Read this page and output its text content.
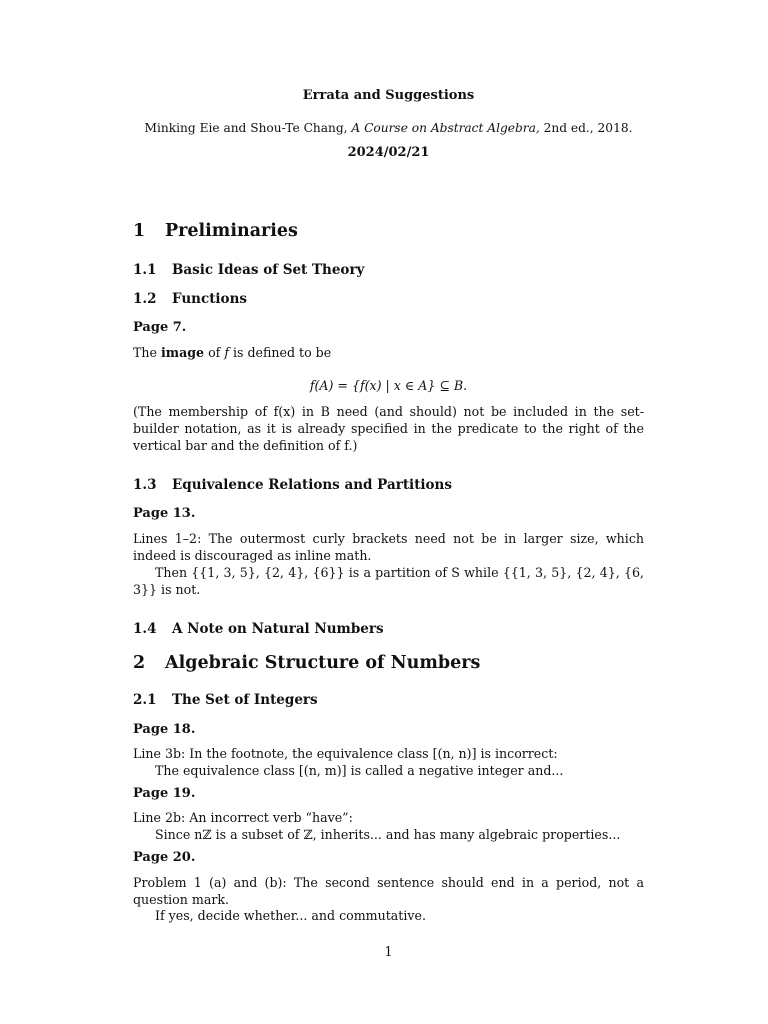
Errata and Suggestions
Minking Eie and Shou-Te Chang, A Course on Abstract Algebra, 2nd ed., 2018.
2024/02/21
1 Preliminaries
1.1 Basic Ideas of Set Theory
1.2 Functions
Page 7.
The image of f is defined to be
f(A) = {f(x) | x ∈ A} ⊆ B.
(The membership of f(x) in B need (and should) not be included in the set-builder notation, as it is already specified in the predicate to the right of the vertical bar and the definition of f.)
1.3 Equivalence Relations and Partitions
Page 13.
Lines 1–2: The outermost curly brackets need not be in larger size, which indeed is discouraged as inline math.
Then {{1, 3, 5}, {2, 4}, {6}} is a partition of S while {{1, 3, 5}, {2, 4}, {6, 3}} is not.
1.4 A Note on Natural Numbers
2 Algebraic Structure of Numbers
2.1 The Set of Integers
Page 18.
Line 3b: In the footnote, the equivalence class [(n, n)] is incorrect:
The equivalence class [(n, m)] is called a negative integer and...
Page 19.
Line 2b: An incorrect verb “have”:
Since nℤ is a subset of ℤ, inherits... and has many algebraic properties...
Page 20.
Problem 1 (a) and (b): The second sentence should end in a period, not a question mark.
If yes, decide whether... and commutative.
1
